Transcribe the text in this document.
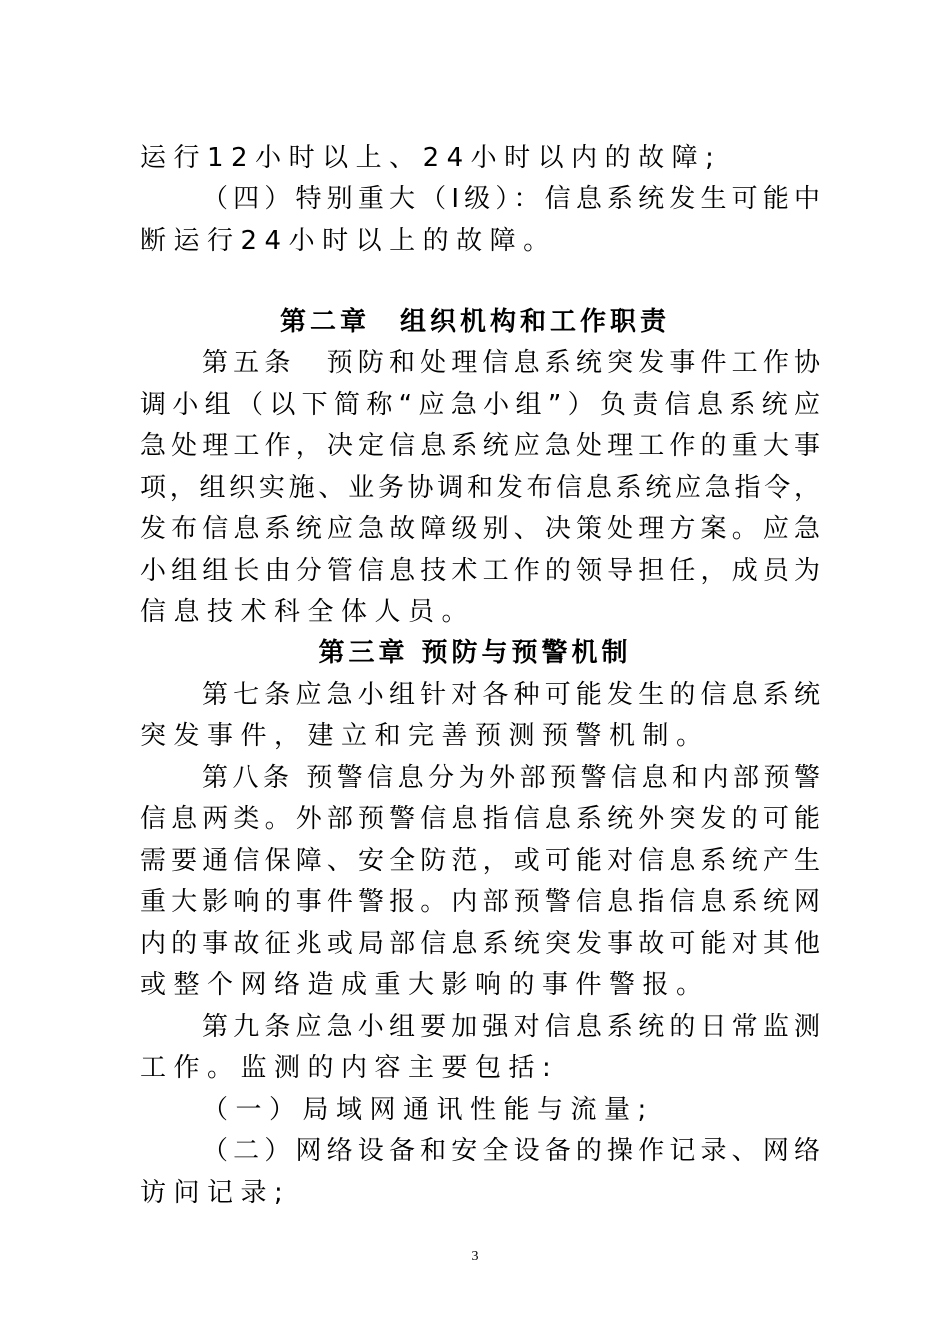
运行12小时以上、24小时以内的故障;
（四）特别重大（I级）：信息系统发生可能中
断运行24小时以上的故障。
第二章　组织机构和工作职责
第五条　预防和处理信息系统突发事件工作协
调小组（以下简称“应急小组”）负责信息系统应
急处理工作，决定信息系统应急处理工作的重大事
项，组织实施、业务协调和发布信息系统应急指令，
发布信息系统应急故障级别、决策处理方案。应急
小组组长由分管信息技术工作的领导担任，成员为
信息技术科全体人员。
第三章 预防与预警机制
第七条应急小组针对各种可能发生的信息系统
突发事件，建立和完善预测预警机制。
第八条 预警信息分为外部预警信息和内部预警
信息两类。外部预警信息指信息系统外突发的可能
需要通信保障、安全防范，或可能对信息系统产生
重大影响的事件警报。内部预警信息指信息系统网
内的事故征兆或局部信息系统突发事故可能对其他
或整个网络造成重大影响的事件警报。
第九条应急小组要加强对信息系统的日常监测
工作。监测的内容主要包括:
（一）局域网通讯性能与流量;
（二）网络设备和安全设备的操作记录、网络
访问记录;
3
